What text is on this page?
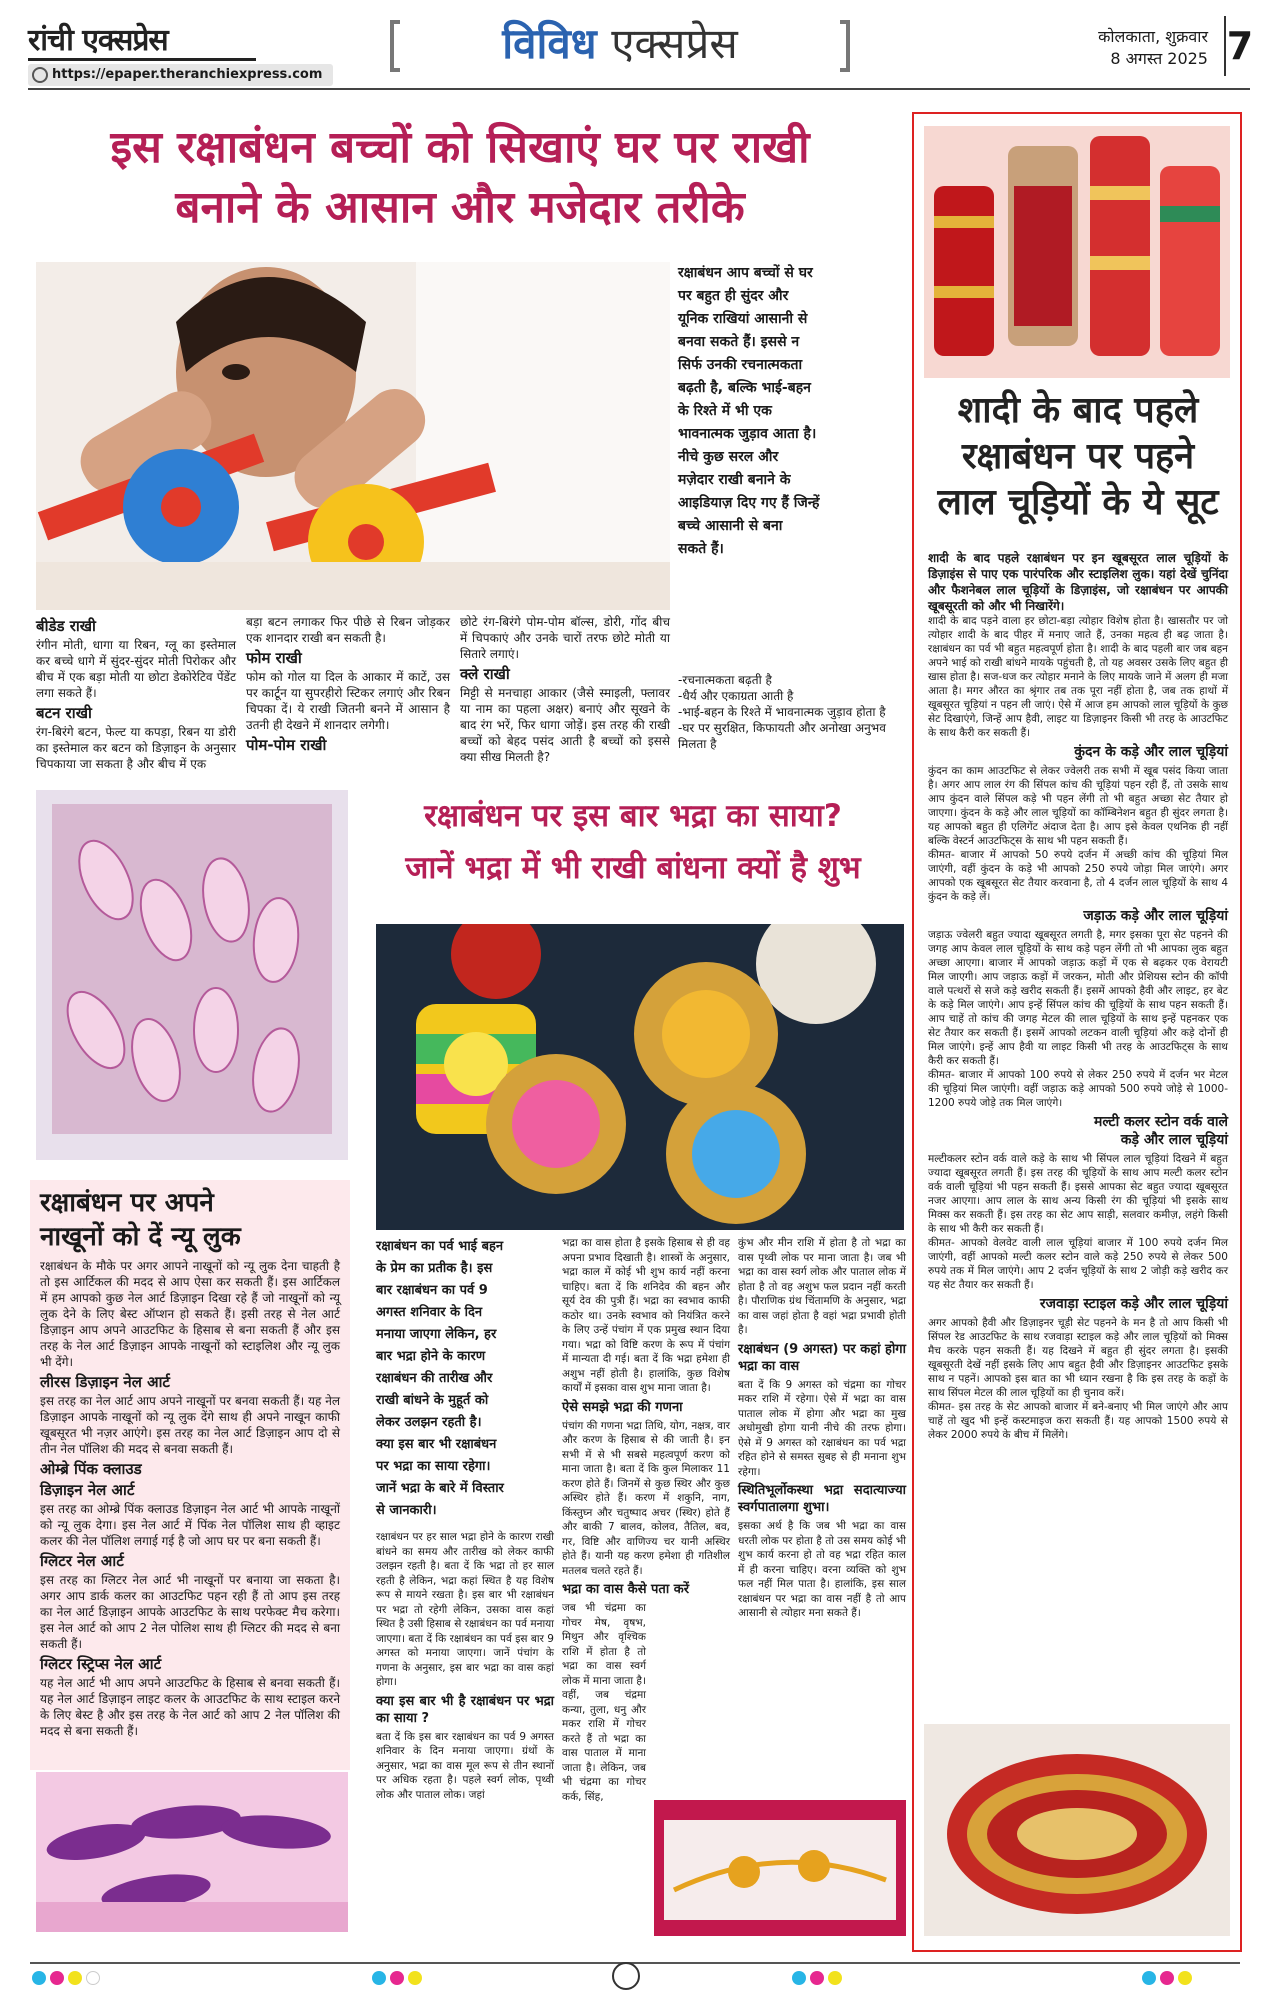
रांची एक्सप्रेस
https://epaper.theranchiexpress.com
विविध एक्सप्रेस	कोलकाता, शुक्रवार
8 अगस्त 2025 7
इस रक्षाबंधन बच्चों को सिखाएं घर पर राखी
बनाने के आसान और मजेदार तरीके
रक्षाबंधन आप बच्चों से घर
पर बहुत ही सुंदर और
यूनिक राखियां आसानी से
बनवा सकते हैं। इससे न
सिर्फ उनकी रचनात्मकता
बढ़ती है, बल्कि भाई-बहन
के रिश्ते में भी एक
भावनात्मक जुड़ाव आता है।
नीचे कुछ सरल और
मज़ेदार राखी बनाने के
आइडियाज़ दिए गए हैं जिन्हें
बच्चे आसानी से बना
सकते हैं।
बीडेड राखी

रंगीन मोती, धागा या रिबन, ग्लू का इस्तेमाल कर बच्चे धागे में सुंदर-सुंदर मोती पिरोकर और बीच में एक बड़ा मोती या छोटा डेकोरेटिव पेंडेंट लगा सकते हैं।

बटन राखी

रंग-बिरंगे बटन, फेल्ट या कपड़ा, रिबन या डोरी का इस्तेमाल कर बटन को डिज़ाइन के अनुसार चिपकाया जा सकता है और बीच में एक

बड़ा बटन लगाकर फिर पीछे से रिबन जोड़कर एक शानदार राखी बन सकती है।

फोम राखी

फोम को गोल या दिल के आकार में काटें, उस पर कार्टून या सुपरहीरो स्टिकर लगाएं और रिबन चिपका दें। ये राखी जितनी बनने में आसान है उतनी ही देखने में शानदार लगेगी।

पोम-पोम राखी

छोटे रंग-बिरंगे पोम-पोम बॉल्स, डोरी, गोंद बीच में चिपकाएं और उनके चारों तरफ छोटे मोती या सितारे लगाएं।

क्ले राखी

मिट्टी से मनचाहा आकार (जैसे स्माइली, फ्लावर या नाम का पहला अक्षर) बनाएं और सूखने के बाद रंग भरें, फिर धागा जोड़ें। इस तरह की राखी बच्चों को बेहद पसंद आती है बच्चों को इससे क्या सीख मिलती है?

-रचनात्मकता बढ़ती है
-धैर्य और एकाग्रता आती है
-भाई-बहन के रिश्ते में भावनात्मक जुड़ाव होता है
-घर पर सुरक्षित, किफायती और अनोखा अनुभव मिलता है
रक्षाबंधन पर अपने
नाखूनों को दें न्यू लुक

रक्षाबंधन के मौके पर अगर आपने नाखूनों को न्यू लुक देना चाहती है तो इस आर्टिकल की मदद से आप ऐसा कर सकती हैं। इस आर्टिकल में हम आपको कुछ नेल आर्ट डिज़ाइन दिखा रहे हैं जो नाखूनों को न्यू लुक देने के लिए बेस्ट ऑप्शन हो सकते हैं। इसी तरह से नेल आर्ट डिज़ाइन आप अपने आउटफिट के हिसाब से बना सकती हैं और इस तरह के नेल आर्ट डिज़ाइन आपके नाखूनों को स्टाइलिश और न्यू लुक भी देंगे।

लीरस डिज़ाइन नेल आर्ट

इस तरह का नेल आर्ट आप अपने नाखूनों पर बनवा सकती हैं। यह नेल डिज़ाइन आपके नाखूनों को न्यू लुक देंगे साथ ही अपने नाखून काफी खूबसूरत भी नज़र आएंगे। इस तरह का नेल आर्ट डिज़ाइन आप दो से तीन नेल पॉलिश की मदद से बनवा सकती हैं।

ओम्ब्रे पिंक क्लाउड
डिज़ाइन नेल आर्ट

इस तरह का ओम्ब्रे पिंक क्लाउड डिज़ाइन नेल आर्ट भी आपके नाखूनों को न्यू लुक देगा। इस नेल आर्ट में पिंक नेल पॉलिश साथ ही व्हाइट कलर की नेल पॉलिश लगाई गई है जो आप घर पर बना सकती हैं।

ग्लिटर नेल आर्ट

इस तरह का ग्लिटर नेल आर्ट भी नाखूनों पर बनाया जा सकता है। अगर आप डार्क कलर का आउटफिट पहन रही हैं तो आप इस तरह का नेल आर्ट डिज़ाइन आपके आउटफिट के साथ परफेक्ट मैच करेगा। इस नेल आर्ट को आप 2 नेल पोलिश साथ ही ग्लिटर की मदद से बना सकती हैं।

ग्लिटर स्ट्रिप्स नेल आर्ट

यह नेल आर्ट भी आप अपने आउटफिट के हिसाब से बनवा सकती हैं। यह नेल आर्ट डिज़ाइन लाइट कलर के आउटफिट के साथ स्टाइल करने के लिए बेस्ट है और इस तरह के नेल आर्ट को आप 2 नेल पॉलिश की मदद से बना सकती हैं।

रक्षाबंधन पर इस बार भद्रा का साया?
जानें भद्रा में भी राखी बांधना क्यों है शुभ
रक्षाबंधन का पर्व भाई बहन
के प्रेम का प्रतीक है। इस
बार रक्षाबंधन का पर्व 9
अगस्त शनिवार के दिन
मनाया जाएगा लेकिन, हर
बार भद्रा होने के कारण
रक्षाबंधन की तारीख और
राखी बांधने के मुहूर्त को
लेकर उलझन रहती है।
क्या इस बार भी रक्षाबंधन
पर भद्रा का साया रहेगा।
जानें भद्रा के बारे में विस्तार
से जानकारी।

रक्षाबंधन पर हर साल भद्रा होने के कारण राखी बांधने का समय और तारीख को लेकर काफी उलझन रहती है। बता दें कि भद्रा तो हर साल रहती है लेकिन, भद्रा कहां स्थित है यह विशेष रूप से मायने रखता है। इस बार भी रक्षाबंधन पर भद्रा तो रहेगी लेकिन, उसका वास कहां स्थित है उसी हिसाब से रक्षाबंधन का पर्व मनाया जाएगा। बता दें कि रक्षाबंधन का पर्व इस बार 9 अगस्त को मनाया जाएगा। जानें पंचांग के गणना के अनुसार, इस बार भद्रा का वास कहां होगा।

क्या इस बार भी है रक्षाबंधन पर भद्रा का साया ?

बता दें कि इस बार रक्षाबंधन का पर्व 9 अगस्त शनिवार के दिन मनाया जाएगा। ग्रंथों के अनुसार, भद्रा का वास मूल रूप से तीन स्थानों पर अधिक रहता है। पहले स्वर्ग लोक, पृथ्वी लोक और पाताल लोक। जहां

भद्रा का वास होता है इसके हिसाब से ही वह अपना प्रभाव दिखाती है। शास्त्रों के अनुसार, भद्रा काल में कोई भी शुभ कार्य नहीं करना चाहिए। बता दें कि शनिदेव की बहन और सूर्य देव की पुत्री हैं। भद्रा का स्वभाव काफी कठोर था। उनके स्वभाव को नियंत्रित करने के लिए उन्हें पंचांग में एक प्रमुख स्थान दिया गया। भद्रा को विष्टि करण के रूप में पंचांग में मान्यता दी गई। बता दें कि भद्रा हमेशा ही अशुभ नहीं होती है। हालांकि, कुछ विशेष कार्यों में इसका वास शुभ माना जाता है।

ऐसे समझे भद्रा की गणना

पंचांग की गणना भद्रा तिथि, योग, नक्षत्र, वार और करण के हिसाब से की जाती है। इन सभी में से भी सबसे महत्वपूर्ण करण को माना जाता है। बता दें कि कुल मिलाकर 11 करण होते हैं। जिनमें से कुछ स्थिर और कुछ अस्थिर होते हैं। करण में शकुनि, नाग, किंस्तुघ्न और चतुष्पाद अचर (स्थिर) होते हैं और बाकी 7 बालव, कोलव, तैतिल, बव, गर, विष्टि और वाणिज्य चर यानी अस्थिर होते हैं। यानी यह करण हमेशा ही गतिशील मतलब चलते रहते हैं।

भद्रा का वास कैसे पता करें

जब भी चंद्रमा का गोचर मेष, वृषभ, मिथुन और वृश्चिक राशि में होता है तो भद्रा का वास स्वर्ग लोक में माना जाता है। वहीं, जब चंद्रमा कन्या, तुला, धनु और मकर राशि में गोचर करते हैं तो भद्रा का वास पाताल में माना जाता है। लेकिन, जब भी चंद्रमा का गोचर कर्क, सिंह,

कुंभ और मीन राशि में होता है तो भद्रा का वास पृथ्वी लोक पर माना जाता है। जब भी भद्रा का वास स्वर्ग लोक और पाताल लोक में होता है तो वह अशुभ फल प्रदान नहीं करती है। पौराणिक ग्रंथ चिंतामणि के अनुसार, भद्रा का वास जहां होता है वहां भद्रा प्रभावी होती है।

रक्षाबंधन (9 अगस्त) पर कहां होगा भद्रा का वास

बता दें कि 9 अगस्त को चंद्रमा का गोचर मकर राशि में रहेगा। ऐसे में भद्रा का वास पाताल लोक में होगा और भद्रा का मुख अधोमुखी होगा यानी नीचे की तरफ होगा। ऐसे में 9 अगस्त को रक्षाबंधन का पर्व भद्रा रहित होने से समस्त सुबह से ही मनाना शुभ रहेगा।

स्थितिभूर्लोकस्था भद्रा सदात्याज्या स्वर्गपातालगा शुभा।

इसका अर्थ है कि जब भी भद्रा का वास धरती लोक पर होता है तो उस समय कोई भी शुभ कार्य करना हो तो वह भद्रा रहित काल में ही करना चाहिए। वरना व्यक्ति को शुभ फल नहीं मिल पाता है। हालांकि, इस साल रक्षाबंधन पर भद्रा का वास नहीं है तो आप आसानी से त्योहार मना सकते हैं।

शादी के बाद पहले
रक्षाबंधन पर पहने
लाल चूड़ियों के ये सूट

शादी के बाद पहले रक्षाबंधन पर इन खूबसूरत लाल चूड़ियों के डिज़ाइंस से पाए एक पारंपरिक और स्टाइलिश लुक। यहां देखें चुनिंदा और फैशनेबल लाल चूड़ियों के डिज़ाइंस, जो रक्षाबंधन पर आपकी खूबसूरती को और भी निखारेंगे।

शादी के बाद पड़ने वाला हर छोटा-बड़ा त्योहार विशेष होता है। खासतौर पर जो त्योहार शादी के बाद पीहर में मनाए जाते हैं, उनका महत्व ही बढ़ जाता है। रक्षाबंधन का पर्व भी बहुत महत्वपूर्ण होता है। शादी के बाद पहली बार जब बहन अपने भाई को राखी बांधने मायके पहुंचती है, तो यह अवसर उसके लिए बहुत ही खास होता है। सज-धज कर त्योहार मनाने के लिए मायके जाने में अलग ही मजा आता है। मगर औरत का श्रृंगार तब तक पूरा नहीं होता है, जब तक हाथों में खूबसूरत चूड़ियां न पहन ली जाएं। ऐसे में आज हम आपको लाल चूड़ियों के कुछ सेट दिखाएंगे, जिन्हें आप हैवी, लाइट या डिज़ाइनर किसी भी तरह के आउटफिट के साथ कैरी कर सकती हैं।

कुंदन के कड़े और लाल चूड़ियां

कुंदन का काम आउटफिट से लेकर ज्वेलरी तक सभी में खूब पसंद किया जाता है। अगर आप लाल रंग की सिंपल कांच की चूड़ियां पहन रही हैं, तो उसके साथ आप कुंदन वाले सिंपल कड़े भी पहन लेंगी तो भी बहुत अच्छा सेट तैयार हो जाएगा। कुंदन के कड़े और लाल चूड़ियों का कॉम्बिनेशन बहुत ही सुंदर लगता है। यह आपको बहुत ही एलिगेंट अंदाज देता है। आप इसे केवल एथनिक ही नहीं बल्कि वेस्टर्न आउटफिट्स के साथ भी पहन सकती हैं।

कीमत- बाजार में आपको 50 रुपये दर्जन में अच्छी कांच की चूड़ियां मिल जाएंगी, वहीं कुंदन के कड़े भी आपको 250 रुपये जोड़ा मिल जाएंगे। अगर आपको एक खूबसूरत सेट तैयार करवाना है, तो 4 दर्जन लाल चूड़ियों के साथ 4 कुंदन के कड़े लें।

जड़ाऊ कड़े और लाल चूड़ियां

जड़ाऊ ज्वेलरी बहुत ज्यादा खूबसूरत लगती है, मगर इसका पूरा सेट पहनने की जगह आप केवल लाल चूड़ियों के साथ कड़े पहन लेंगी तो भी आपका लुक बहुत अच्छा आएगा। बाजार में आपको जड़ाऊ कड़ों में एक से बढ़कर एक वेरायटी मिल जाएगी। आप जड़ाऊ कड़ों में जरकन, मोती और प्रेशियस स्टोन की कॉपी वाले पत्थरों से सजे कड़े खरीद सकती हैं। इसमें आपको हैवी और लाइट, हर बेट के कड़े मिल जाएंगे। आप इन्हें सिंपल कांच की चूड़ियों के साथ पहन सकती हैं। आप चाहें तो कांच की जगह मेटल की लाल चूड़ियों के साथ इन्हें पहनकर एक सेट तैयार कर सकती हैं। इसमें आपको लटकन वाली चूड़ियां और कड़े दोनों ही मिल जाएंगे। इन्हें आप हैवी या लाइट किसी भी तरह के आउटफिट्स के साथ कैरी कर सकती हैं।

कीमत- बाजार में आपको 100 रुपये से लेकर 250 रुपये में दर्जन भर मेटल की चूड़ियां मिल जाएंगी। वहीं जड़ाऊ कड़े आपको 500 रुपये जोड़े से 1000-1200 रुपये जोड़े तक मिल जाएंगे।

मल्टी कलर स्टोन वर्क वाले
कड़े और लाल चूड़ियां

मल्टीकलर स्टोन वर्क वाले कड़े के साथ भी सिंपल लाल चूड़ियां दिखने में बहुत ज्यादा खूबसूरत लगती हैं। इस तरह की चूड़ियों के साथ आप मल्टी कलर स्टोन वर्क वाली चूड़ियां भी पहन सकती हैं। इससे आपका सेट बहुत ज्यादा खूबसूरत नजर आएगा। आप लाल के साथ अन्य किसी रंग की चूड़ियां भी इसके साथ मिक्स कर सकती हैं। इस तरह का सेट आप साड़ी, सलवार कमीज़, लहंगे किसी के साथ भी कैरी कर सकती हैं।

कीमत- आपको वेलवेट वाली लाल चूड़ियां बाजार में 100 रुपये दर्जन मिल जाएंगी, वहीं आपको मल्टी कलर स्टोन वाले कड़े 250 रुपये से लेकर 500 रुपये तक में मिल जाएंगे। आप 2 दर्जन चूड़ियों के साथ 2 जोड़ी कड़े खरीद कर यह सेट तैयार कर सकती हैं।

रजवाड़ा स्टाइल कड़े और लाल चूड़ियां

अगर आपको हैवी और डिज़ाइनर चूड़ी सेट पहनने के मन है तो आप किसी भी सिंपल रेड आउटफिट के साथ रजवाड़ा स्टाइल कड़े और लाल चूड़ियों को मिक्स मैच करके पहन सकती हैं। यह दिखने में बहुत ही सुंदर लगता है। इसकी खूबसूरती देखें नहीं इसके लिए आप बहुत हैवी और डिज़ाइनर आउटफिट इसके साथ न पहनें। आपको इस बात का भी ध्यान रखना है कि इस तरह के कड़ों के साथ सिंपल मेटल की लाल चूड़ियों का ही चुनाव करें।

कीमत- इस तरह के सेट आपको बाजार में बने-बनाए भी मिल जाएंगे और आप चाहें तो खुद भी इन्हें कस्टमाइज करा सकती हैं। यह आपको 1500 रुपये से लेकर 2000 रुपये के बीच में मिलेंगे।
